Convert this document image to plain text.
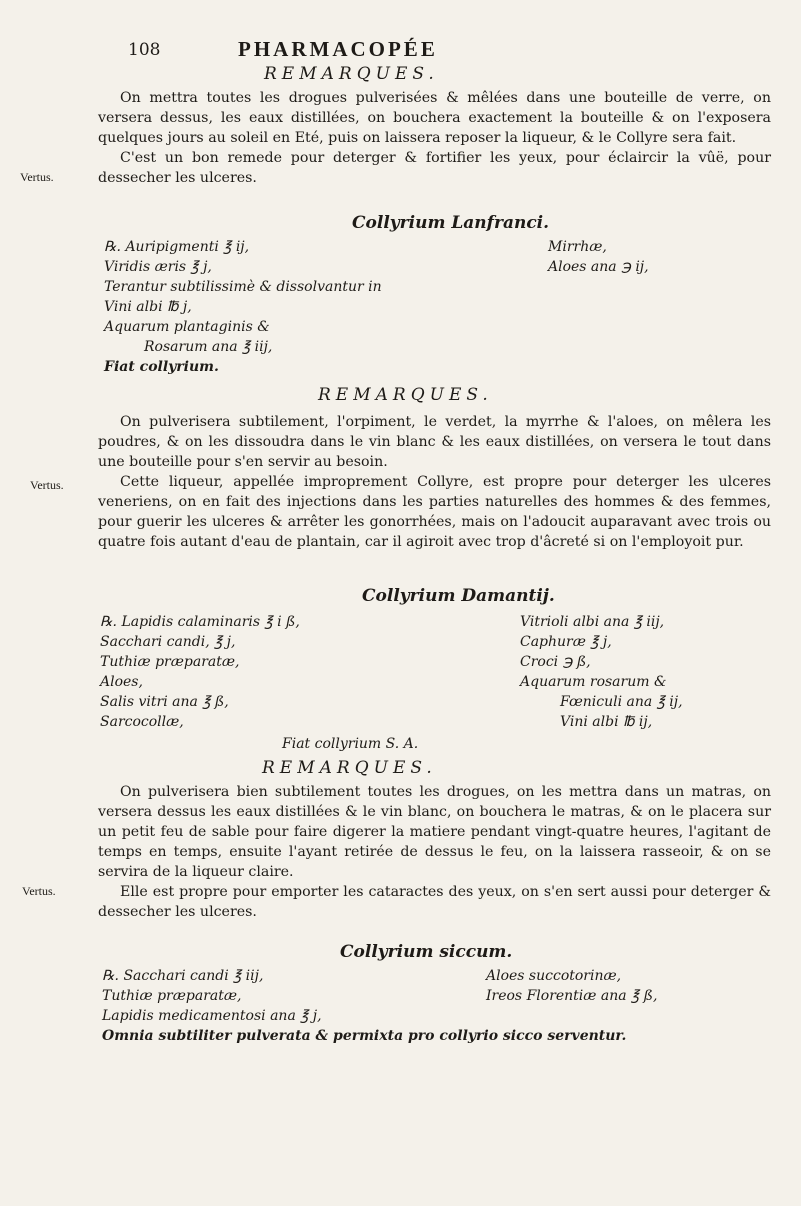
108	PHARMACOPÉE
REMARQUES.

On mettra toutes les drogues pulverisées & mêlées dans une bouteille de verre, on versera dessus, les eaux distillées, on bouchera exactement la bouteille & on l'exposera quelques jours au soleil en Eté, puis on laissera reposer la liqueur, & le Collyre sera fait.

C'est un bon remede pour deterger & fortifier les yeux, pour éclaircir la vûë, pour dessecher les ulceres.

Vertus.
Collyrium Lanfranci.
℞. Auripigmenti ℥ ij,
Viridis æris ℥ j,
Terantur subtilissimè & dissolvantur in
Vini albi ℔ j,
Aquarum plantaginis &
Rosarum ana ℥ iij,
Fiat collyrium.
Mirrhæ,
Aloes ana ℈ ij,
REMARQUES.

On pulverisera subtilement, l'orpiment, le verdet, la myrrhe & l'aloes, on mêlera les poudres, & on les dissoudra dans le vin blanc & les eaux distillées, on versera le tout dans une bouteille pour s'en servir au besoin.

Cette liqueur, appellée improprement Collyre, est propre pour deterger les ulceres veneriens, on en fait des injections dans les parties naturelles des hommes & des femmes, pour guerir les ulceres & arrêter les gonorrhées, mais on l'adoucit auparavant avec trois ou quatre fois autant d'eau de plantain, car il agiroit avec trop d'âcreté si on l'employoit pur.

Vertus.
Collyrium Damantij.
℞. Lapidis calaminaris ℥ i ß,
Sacchari candi, ℥ j,
Tuthiæ præparatæ,
Aloes,
Salis vitri ana ℥ ß,
Sarcocollæ,
Vitrioli albi ana ℥ iij,
Caphuræ ℥ j,
Croci ℈ ß,
Aquarum rosarum &
Fœniculi ana ℥ ij,
Vini albi ℔ ij,
Fiat collyrium S. A.
REMARQUES.

On pulverisera bien subtilement toutes les drogues, on les mettra dans un matras, on versera dessus les eaux distillées & le vin blanc, on bouchera le matras, & on le placera sur un petit feu de sable pour faire digerer la matiere pendant vingt-quatre heures, l'agitant de temps en temps, ensuite l'ayant retirée de dessus le feu, on la laissera rasseoir, & on se servira de la liqueur claire.

Elle est propre pour emporter les cataractes des yeux, on s'en sert aussi pour deterger & dessecher les ulceres.

Vertus.
Collyrium siccum.
℞. Sacchari candi ℥ iij,
Tuthiæ præparatæ,
Lapidis medicamentosi ana ℥ j,
Aloes succotorinæ,
Ireos Florentiæ ana ℥ ß,
Omnia subtiliter pulverata & permixta pro collyrio sicco serventur.
